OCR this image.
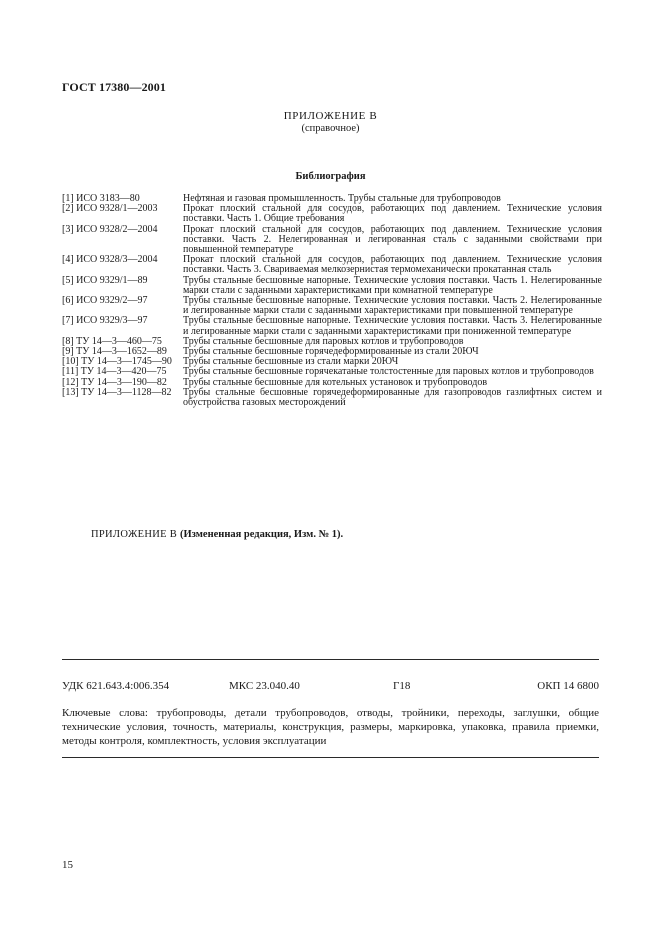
ГОСТ 17380—2001
ПРИЛОЖЕНИЕ В
(справочное)
Библиография
[1] ИСО 3183—80	Нефтяная и газовая промышленность. Трубы стальные для трубопроводов
[2] ИСО 9328/1—2003	Прокат плоский стальной для сосудов, работающих под давлением. Технические условия поставки. Часть 1. Общие требования
[3] ИСО 9328/2—2004	Прокат плоский стальной для сосудов, работающих под давлением. Технические условия поставки. Часть 2. Нелегированная и легированная сталь с заданными свойствами при повышенной температуре
[4] ИСО 9328/3—2004	Прокат плоский стальной для сосудов, работающих под давлением. Технические условия поставки. Часть 3. Свариваемая мелкозернистая термомеханически прокатанная сталь
[5] ИСО 9329/1—89	Трубы стальные бесшовные напорные. Технические условия поставки. Часть 1. Нелегированные марки стали с заданными характеристиками при комнатной температуре
[6] ИСО 9329/2—97	Трубы стальные бесшовные напорные. Технические условия поставки. Часть 2. Нелегированные и легированные марки стали с заданными характеристиками при повышенной температуре
[7] ИСО 9329/3—97	Трубы стальные бесшовные напорные. Технические условия поставки. Часть 3. Нелегированные и легированные марки стали с заданными характеристиками при пониженной температуре
[8] ТУ 14—3—460—75	Трубы стальные бесшовные для паровых котлов и трубопроводов
[9] ТУ 14—3—1652—89	Трубы стальные бесшовные горячедеформированные из стали 20ЮЧ
[10] ТУ 14—3—1745—90	Трубы стальные бесшовные из стали марки 20ЮЧ
[11] ТУ 14—3—420—75	Трубы стальные бесшовные горячекатаные толстостенные для паровых котлов и трубопроводов
[12] ТУ 14—3—190—82	Трубы стальные бесшовные для котельных установок и трубопроводов
[13] ТУ 14—3—1128—82	Трубы стальные бесшовные горячедеформированные для газопроводов газлифтных систем и обустройства газовых месторождений
ПРИЛОЖЕНИЕ В (Измененная редакция, Изм. № 1).
УДК 621.643.4:006.354	МКС 23.040.40	Г18	ОКП 14 6800
Ключевые слова: трубопроводы, детали трубопроводов, отводы, тройники, переходы, заглушки, общие технические условия, точность, материалы, конструкция, размеры, маркировка, упаковка, правила приемки, методы контроля, комплектность, условия эксплуатации
15
